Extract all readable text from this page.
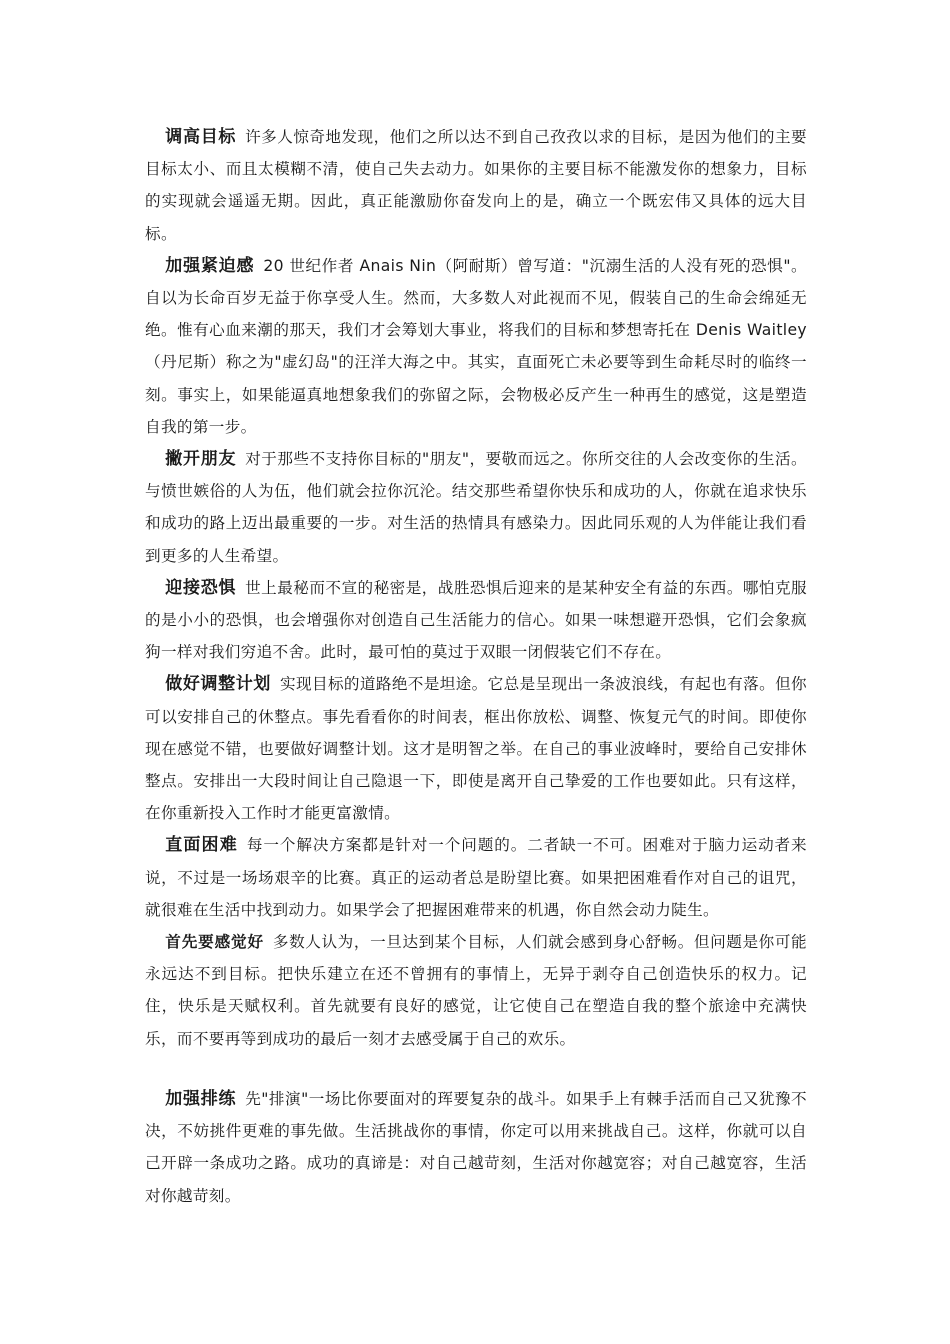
调高目标 许多人惊奇地发现，他们之所以达不到自己孜孜以求的目标，是因为他们的主要目标太小、而且太模糊不清，使自己失去动力。如果你的主要目标不能激发你的想象力，目标的实现就会遥遥无期。因此，真正能激励你奋发向上的是，确立一个既宏伟又具体的远大目标。

加强紧迫感 20 世纪作者 Anais Nin（阿耐斯）曾写道："沉溺生活的人没有死的恐惧"。自以为长命百岁无益于你享受人生。然而，大多数人对此视而不见，假装自己的生命会绵延无绝。惟有心血来潮的那天，我们才会筹划大事业，将我们的目标和梦想寄托在 Denis Waitley（丹尼斯）称之为"虚幻岛"的汪洋大海之中。其实，直面死亡未必要等到生命耗尽时的临终一刻。事实上，如果能逼真地想象我们的弥留之际，会物极必反产生一种再生的感觉，这是塑造自我的第一步。

撇开朋友 对于那些不支持你目标的"朋友"，要敬而远之。你所交往的人会改变你的生活。与愤世嫉俗的人为伍，他们就会拉你沉沦。结交那些希望你快乐和成功的人，你就在追求快乐和成功的路上迈出最重要的一步。对生活的热情具有感染力。因此同乐观的人为伴能让我们看到更多的人生希望。

迎接恐惧 世上最秘而不宣的秘密是，战胜恐惧后迎来的是某种安全有益的东西。哪怕克服的是小小的恐惧，也会增强你对创造自己生活能力的信心。如果一味想避开恐惧，它们会象疯狗一样对我们穷追不舍。此时，最可怕的莫过于双眼一闭假装它们不存在。

做好调整计划 实现目标的道路绝不是坦途。它总是呈现出一条波浪线，有起也有落。但你可以安排自己的休整点。事先看看你的时间表，框出你放松、调整、恢复元气的时间。即使你现在感觉不错，也要做好调整计划。这才是明智之举。在自己的事业波峰时，要给自己安排休整点。安排出一大段时间让自己隐退一下，即使是离开自己挚爱的工作也要如此。只有这样，在你重新投入工作时才能更富激情。

直面困难 每一个解决方案都是针对一个问题的。二者缺一不可。困难对于脑力运动者来说，不过是一场场艰辛的比赛。真正的运动者总是盼望比赛。如果把困难看作对自己的诅咒，就很难在生活中找到动力。如果学会了把握困难带来的机遇，你自然会动力陡生。

首先要感觉好 多数人认为，一旦达到某个目标，人们就会感到身心舒畅。但问题是你可能永远达不到目标。把快乐建立在还不曾拥有的事情上，无异于剥夺自己创造快乐的权力。记住，快乐是天赋权利。首先就要有良好的感觉，让它使自己在塑造自我的整个旅途中充满快乐，而不要再等到成功的最后一刻才去感受属于自己的欢乐。

加强排练 先"排演"一场比你要面对的珲要复杂的战斗。如果手上有棘手活而自己又犹豫不决，不妨挑件更难的事先做。生活挑战你的事情，你定可以用来挑战自己。这样，你就可以自己开辟一条成功之路。成功的真谛是：对自己越苛刻，生活对你越宽容；对自己越宽容，生活对你越苛刻。
